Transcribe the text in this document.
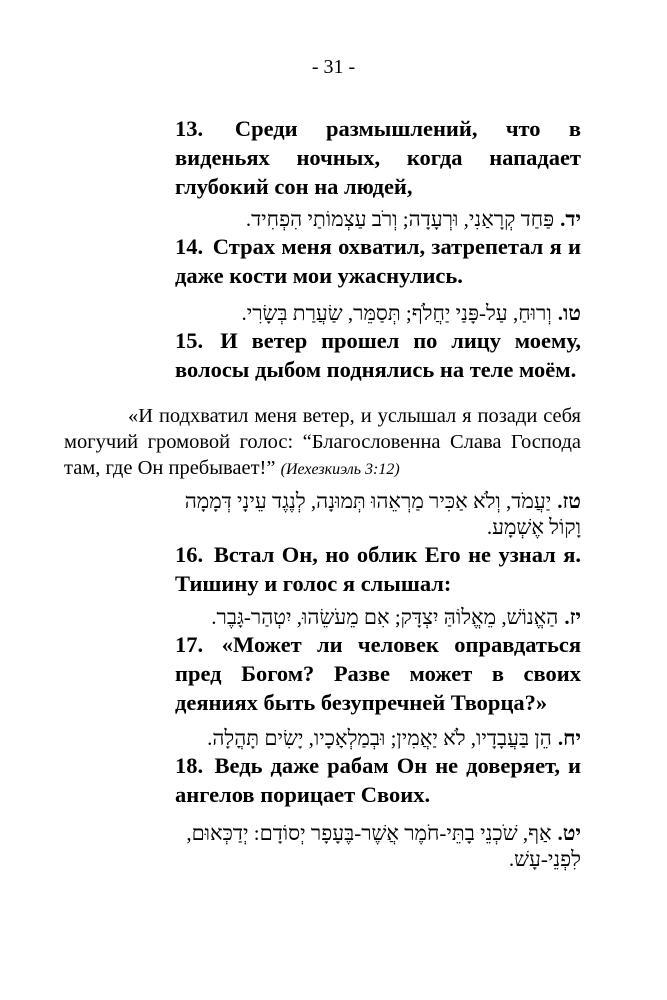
- 31 -

13. Среди размышлений, что в виденьях ночных, когда нападает глубокий сон на людей,

יד.פַּחַד קְרָאַנִי, וּרְעָדָה; וְרֹב עַצְמוֹתַי הִפְחִיד.

14. Страх меня охватил, затрепетал я и даже кости мои ужаснулись.

טו.וְרוּחַ, עַל-פָּנַי יַחֲלֹף; תְּסַמֵּר, שַׂעֲרַת בְּשָׂרִי.

15. И ветер прошел по лицу моему, волосы дыбом поднялись на теле моём.

«И подхватил меня ветер, и услышал я позади себя могучий громовой голос: “Благословенна Слава Господа там, где Он пребывает!” (Иехезкиэль 3:12)

טז.יַעֲמֹד, וְלֹא אַכִּיר מַרְאֵהוּ תְּמוּנָה, לְנֶגֶד עֵינָי דְּמָמָה וָקוֹל אֶשְׁמָע.

16. Встал Он, но облик Его не узнал я. Тишину и голос я слышал:

יז.הַאֱנוֹשׁ, מֵאֱלוֹהַּ יִצְדָּק; אִם מֵעֹשֵׂהוּ, יִטְהַר-גָּבֶר.

17. «Может ли человек оправдаться пред Богом? Разве может в своих деяниях быть безупречней Творца?»

יח.הֵן בַּעֲבָדָיו, לֹא יַאֲמִין; וּבְמַלְאָכָיו, יָשִׂים תָּהֳלָה.

18. Ведь даже рабам Он не доверяет, и ангелов порицает Своих.

יט.אַף, שֹׁכְנֵי בָתֵּי-חֹמֶר אֲשֶׁר-בֶּעָפָר יְסוֹדָם: יְדַכְּאוּם, לִפְנֵי-עָשׁ.
